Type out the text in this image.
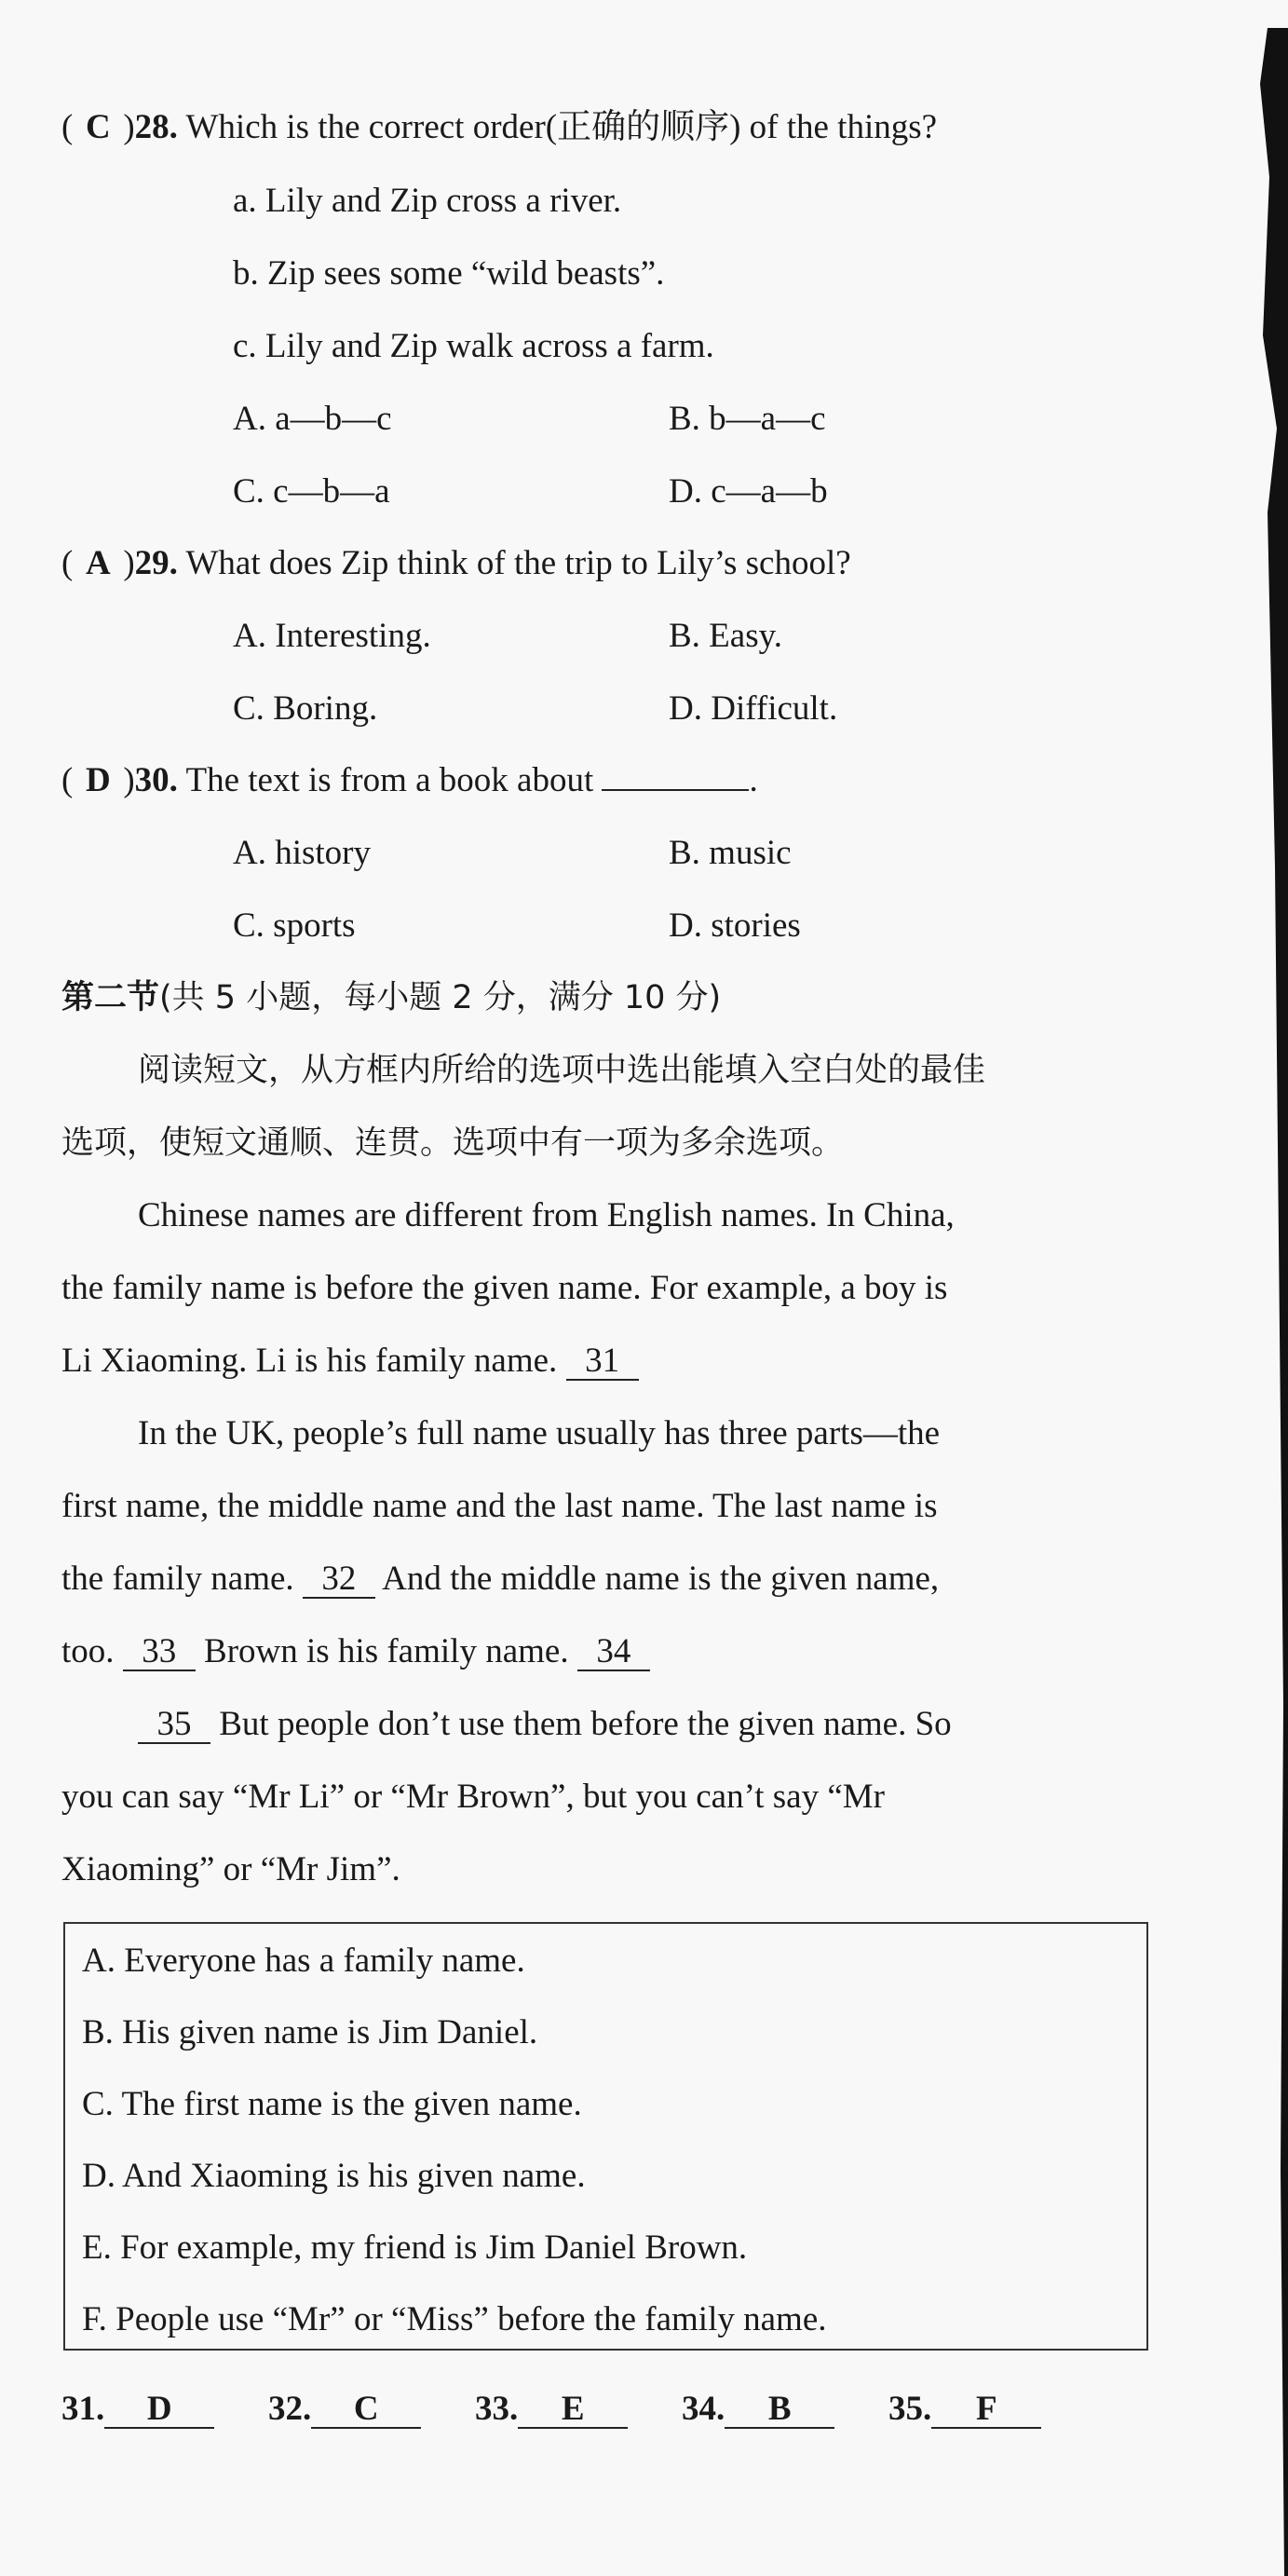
( C )28. Which is the correct order(正确的顺序) of the things?
a. Lily and Zip cross a river.
b. Zip sees some “wild beasts”.
c. Lily and Zip walk across a farm.
A. a—b—c	B. b—a—c
C. c—b—a	D. c—a—b
( A )29. What does Zip think of the trip to Lily’s school?
A. Interesting.	B. Easy.
C. Boring.	D. Difficult.
( D )30. The text is from a book about	.
A. history	B. music
C. sports	D. stories
第二节(共 5 小题，每小题 2 分，满分 10 分)
阅读短文，从方框内所给的选项中选出能填入空白处的最佳
选项，使短文通顺、连贯。选项中有一项为多余选项。
Chinese names are different from English names. In China,
the family name is before the given name. For example, a boy is
Li Xiaoming. Li is his family name. 31
In the UK, people’s full name usually has three parts—the
first name, the middle name and the last name. The last name is
the family name. 32 And the middle name is the given name,
too. 33 Brown is his family name. 34
35 But people don’t use them before the given name. So
you can say “Mr Li” or “Mr Brown”, but you can’t say “Mr
Xiaoming” or “Mr Jim”.
A. Everyone has a family name.
B. His given name is Jim Daniel.
C. The first name is the given name.
D. And Xiaoming is his given name.
E. For example, my friend is Jim Daniel Brown.
F. People use “Mr” or “Miss” before the family name.
31. D	32. C	33. E	34. B	35. F
